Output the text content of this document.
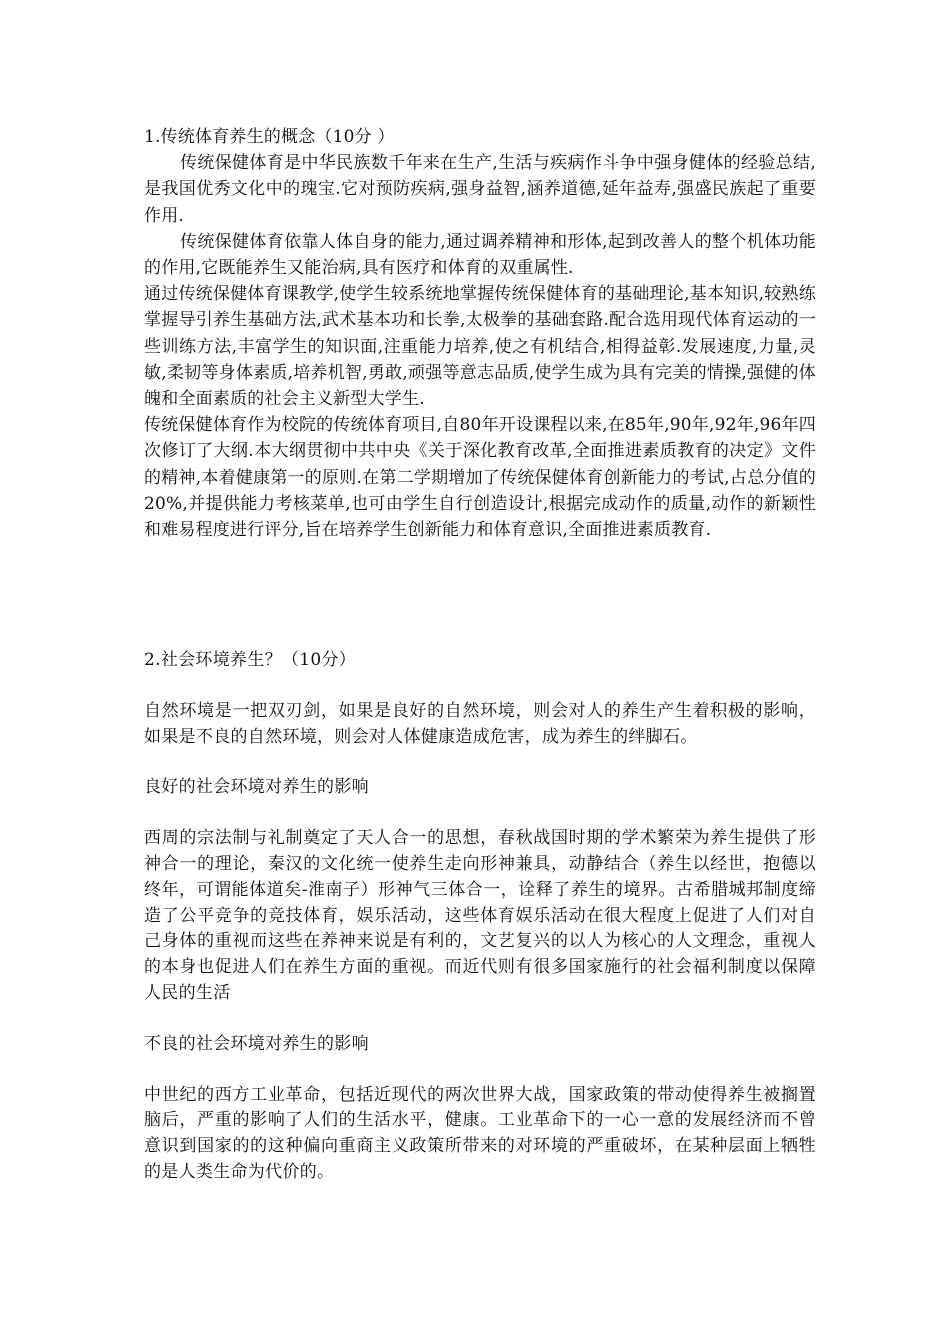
1.传统体育养生的概念（10分 ）

传统保健体育是中华民族数千年来在生产,生活与疾病作斗争中强身健体的经验总结,是我国优秀文化中的瑰宝.它对预防疾病,强身益智,涵养道德,延年益寿,强盛民族起了重要作用.

传统保健体育依靠人体自身的能力,通过调养精神和形体,起到改善人的整个机体功能的作用,它既能养生又能治病,具有医疗和体育的双重属性.

通过传统保健体育课教学,使学生较系统地掌握传统保健体育的基础理论,基本知识,较熟练掌握导引养生基础方法,武术基本功和长拳,太极拳的基础套路.配合选用现代体育运动的一些训练方法,丰富学生的知识面,注重能力培养,使之有机结合,相得益彰.发展速度,力量,灵敏,柔韧等身体素质,培养机智,勇敢,顽强等意志品质,使学生成为具有完美的情操,强健的体魄和全面素质的社会主义新型大学生.

传统保健体育作为校院的传统体育项目,自80年开设课程以来,在85年,90年,92年,96年四次修订了大纲.本大纲贯彻中共中央《关于深化教育改革,全面推进素质教育的决定》文件的精神,本着健康第一的原则.在第二学期增加了传统保健体育创新能力的考试,占总分值的20%,并提供能力考核菜单,也可由学生自行创造设计,根据完成动作的质量,动作的新颖性和难易程度进行评分,旨在培养学生创新能力和体育意识,全面推进素质教育.

2.社会环境养生？（10分）

自然环境是一把双刃剑，如果是良好的自然环境，则会对人的养生产生着积极的影响，如果是不良的自然环境，则会对人体健康造成危害，成为养生的绊脚石。

良好的社会环境对养生的影响

西周的宗法制与礼制奠定了天人合一的思想，春秋战国时期的学术繁荣为养生提供了形神合一的理论，秦汉的文化统一使养生走向形神兼具，动静结合（养生以经世，抱德以终年，可谓能体道矣-淮南子）形神气三体合一，诠释了养生的境界。古希腊城邦制度缔造了公平竞争的竞技体育，娱乐活动，这些体育娱乐活动在很大程度上促进了人们对自己身体的重视而这些在养神来说是有利的，文艺复兴的以人为核心的人文理念，重视人的本身也促进人们在养生方面的重视。而近代则有很多国家施行的社会福利制度以保障人民的生活

不良的社会环境对养生的影响

中世纪的西方工业革命，包括近现代的两次世界大战，国家政策的带动使得养生被搁置脑后，严重的影响了人们的生活水平，健康。工业革命下的一心一意的发展经济而不曾意识到国家的的这种偏向重商主义政策所带来的对环境的严重破坏，在某种层面上牺牲的是人类生命为代价的。
